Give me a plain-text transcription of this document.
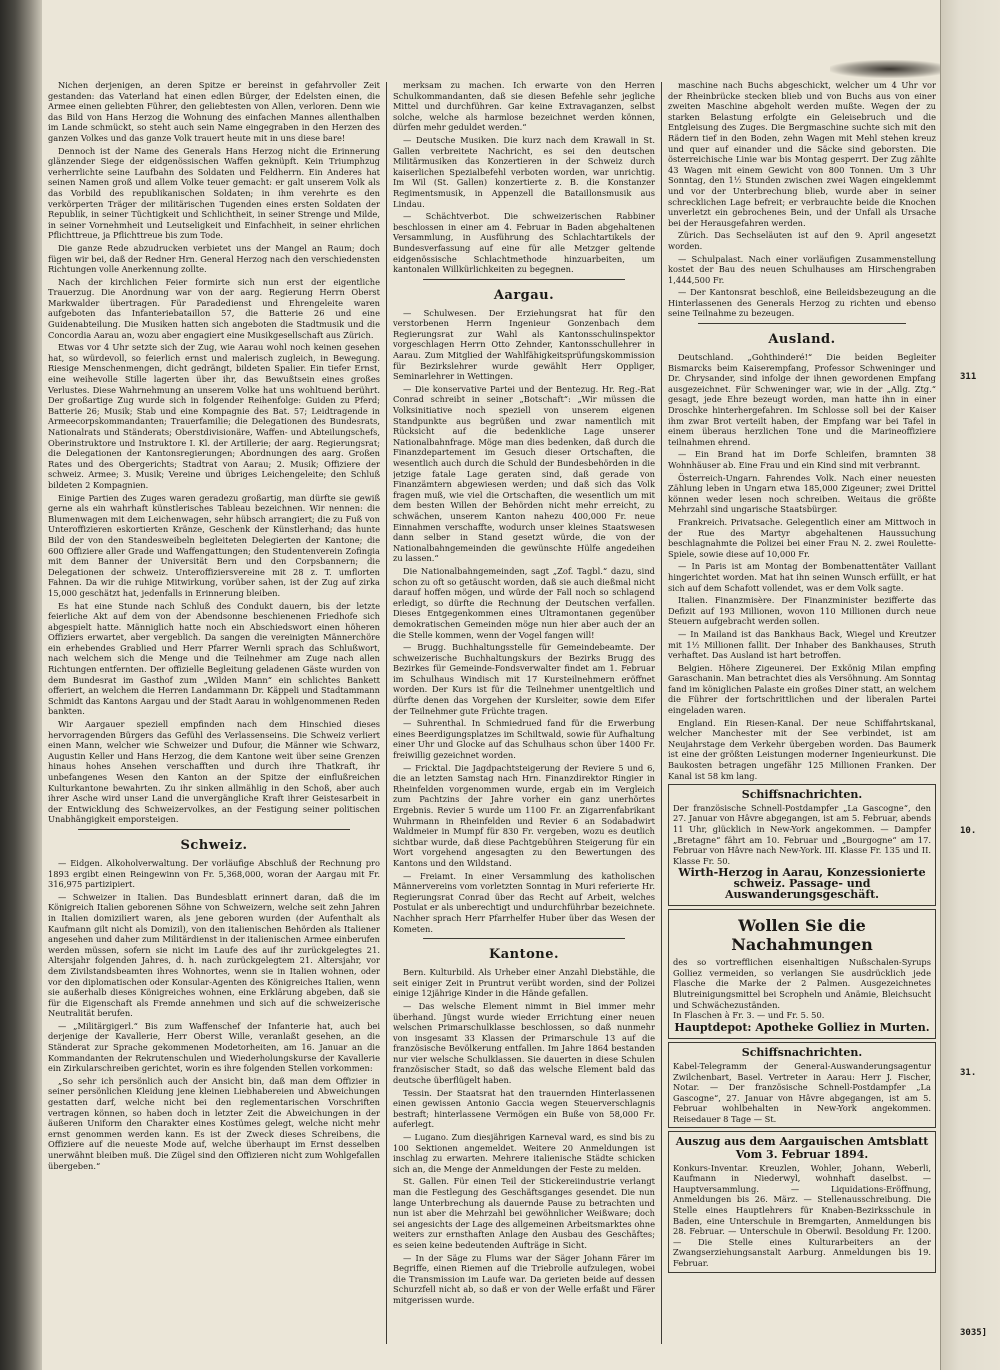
Nichen derjenigen, an deren Spitze er bereinst in gefahrvoller Zeit gestanden: das Vaterland hat einen edlen Bürger, der Edelsten einen, die Armee einen geliebten Führer, den geliebtesten von Allen, verloren. Denn wie das Bild von Hans Herzog die Wohnung des einfachen Mannes allenthalben im Lande schmückt, so steht auch sein Name eingegraben in den Herzen des ganzen Volkes und das ganze Volk trauert heute mit in uns diese bare!

Dennoch ist der Name des Generals Hans Herzog nicht die Erinnerung glänzender Siege der eidgenössischen Waffen geknüpft. Kein Triumphzug verherrlichte seine Laufbahn des Soldaten und Feldherrn. Ein Anderes hat seinen Namen groß und allem Volke teuer gemacht: er galt unserem Volk als das Vorbild des republikanischen Soldaten; in ihm verehrte es den verkörperten Träger der militärischen Tugenden eines ersten Soldaten der Republik, in seiner Tüchtigkeit und Schlichtheit, in seiner Strenge und Milde, in seiner Vornehmheit und Leutseligkeit und Einfachheit, in seiner ehrlichen Pflichttreue, ja Pflichttreue bis zum Tode.

Die ganze Rede abzudrucken verbietet uns der Mangel an Raum; doch fügen wir bei, daß der Redner Hrn. General Herzog nach den verschiedensten Richtungen volle Anerkennung zollte.

Nach der kirchlichen Feier formirte sich nun erst der eigentliche Trauerzug. Die Anordnung war von der aarg. Regierung Herrn Oberst Markwalder übertragen. Für Paradedienst und Ehrengeleite waren aufgeboten das Infanteriebataillon 57, die Batterie 26 und eine Guidenabteilung. Die Musiken hatten sich angeboten die Stadtmusik und die Concordia Aarau an, wozu aber engagiert eine Musikgesellschaft aus Zürich.

Etwas vor 4 Uhr setzte sich der Zug, wie Aarau wohl noch keinen gesehen hat, so würdevoll, so feierlich ernst und malerisch zugleich, in Bewegung. Riesige Menschenmengen, dicht gedrängt, bildeten Spalier. Ein tiefer Ernst, eine weihevolle Stille lagerten über ihr, das Bewußtsein eines großes Verlustes. Diese Wahrnehmung an unserem Volke hat uns wohltuend berührt. Der großartige Zug wurde sich in folgender Reihenfolge: Guiden zu Pferd; Batterie 26; Musik; Stab und eine Kompagnie des Bat. 57; Leidtragende in Armeecorpskommandanten; Trauerfamilie; die Delegationen des Bundesrats, Nationalrats und Ständerats; Oberstdivisionäre, Waffen- und Abteilungschefs, Oberinstruktore und Instruktore I. Kl. der Artillerie; der aarg. Regierungsrat; die Delegationen der Kantonsregierungen; Abordnungen des aarg. Großen Rates und des Obergerichts; Stadtrat von Aarau; 2. Musik; Offiziere der schweiz. Armee; 3. Musik; Vereine und übriges Leichengeleite; den Schluß bildeten 2 Kompagnien.

Einige Partien des Zuges waren geradezu großartig, man dürfte sie gewiß gerne als ein wahrhaft künstlerisches Tableau bezeichnen. Wir nennen: die Blumenwagen mit dem Leichenwagen, sehr hübsch arrangiert; die zu Fuß von Unteroffizieren eskortierten Kränze, Geschenk der Künstlerhand; das hunte Bild der von den Standesweibeln begleiteten Delegierten der Kantone; die 600 Offiziere aller Grade und Waffengattungen; den Studentenverein Zofingia mit dem Banner der Universität Bern und den Corpsbannern; die Delegationen der schweiz. Unteroffiziersvereine mit 28 z. T. umflorten Fahnen. Da wir die ruhige Mitwirkung, vorüber sahen, ist der Zug auf zirka 15,000 geschätzt hat, jedenfalls in Erinnerung bleiben.

Es hat eine Stunde nach Schluß des Condukt dauern, bis der letzte feierliche Akt auf dem von der Abendsonne beschienenen Friedhofe sich abgespielt hatte. Männiglich hatte noch ein Abschiedswort einen höheren Offiziers erwartet, aber vergeblich. Da sangen die vereinigten Männerchöre ein erhebendes Grablied und Herr Pfarrer Wernli sprach das Schlußwort, nach welchem sich die Menge und die Teilnehmer am Zuge nach allen Richtungen entfernten. Der offizielle Begleitung geladenen Gäste wurden von dem Bundesrat im Gasthof zum „Wilden Mann“ ein schlichtes Bankett offeriert, an welchem die Herren Landammann Dr. Käppeli und Stadtammann Schmidt das Kantons Aargau und der Stadt Aarau in wohlgenommenen Reden bankten.

Wir Aargauer speziell empfinden nach dem Hinschied dieses hervorragenden Bürgers das Gefühl des Verlassenseins. Die Schweiz verliert einen Mann, welcher wie Schweizer und Dufour, die Männer wie Schwarz, Augustin Keller und Hans Herzog, die dem Kantone weit über seine Grenzen hinaus hohes Ansehen verschafften und durch ihre Thatkraft, ihr unbefangenes Wesen den Kanton an der Spitze der einflußreichen Kulturkantone bewahrten. Zu ihr sinken allmählig in den Schoß, aber auch ihrer Asche wird unser Land die unvergängliche Kraft ihrer Geistesarbeit in der Entwicklung des Schweizervolkes, an der Festigung seiner politischen Unabhängigkeit emporsteigen.

Schweiz.

— Eidgen. Alkoholverwaltung. Der vorläufige Abschluß der Rechnung pro 1893 ergibt einen Reingewinn von Fr. 5,368,000, woran der Aargau mit Fr. 316,975 partizipiert.

— Schweizer in Italien. Das Bundesblatt erinnert daran, daß die im Königreich Italien geborenen Söhne von Schweizern, welche seit zehn Jahren in Italien domiziliert waren, als jene geboren wurden (der Aufenthalt als Kaufmann gilt nicht als Domizil), von den italienischen Behörden als Italiener angesehen und daher zum Militärdienst in der italienischen Armee einberufen werden müssen, sofern sie nicht im Laufe des auf ihr zurückgelegtes 21. Altersjahr folgenden Jahres, d. h. nach zurückgelegtem 21. Altersjahr, vor dem Zivilstandsbeamten ihres Wohnortes, wenn sie in Italien wohnen, oder vor den diplomatischen oder Konsular-Agenten des Königreiches Italien, wenn sie außerhalb dieses Königreiches wohnen, eine Erklärung abgeben, daß sie für die Eigenschaft als Fremde annehmen und sich auf die schweizerische Neutralität berufen.

— „Militärgigerl.“ Bis zum Waffenschef der Infanterie hat, auch bei derjenige der Kavallerie, Herr Oberst Wille, veranlaßt gesehen, an die Ständerat zur Sprache gekommenen Modetorheiten, am 16. Januar an die Kommandanten der Rekrutenschulen und Wiederholungskurse der Kavallerie ein Zirkularschreiben gerichtet, worin es ihre folgenden Stellen vorkommen:

„So sehr ich persönlich auch der Ansicht bin, daß man dem Offizier in seiner persönlichen Kleidung jene kleinen Liebhabereien und Abweichungen gestatten darf, welche nicht bei den reglementarischen Vorschriften vertragen können, so haben doch in letzter Zeit die Abweichungen in der äußeren Uniform den Charakter eines Kostümes gelegt, welche nicht mehr ernst genommen werden kann. Es ist der Zweck dieses Schreibens, die Offiziere auf die neueste Mode auf, welche überhaupt im Ernst desselben unerwähnt bleiben muß. Die Zügel sind den Offizieren nicht zum Wohlgefallen übergeben.“

merksam zu machen. Ich erwarte von den Herren Schulkommandanten, daß sie diesen Befehle sehr jegliche Mittel und durchführen. Gar keine Extravaganzen, selbst solche, welche als harmlose bezeichnet werden können, dürfen mehr geduldet werden.“

— Deutsche Musiken. Die kurz nach dem Krawall in St. Gallen verbreitete Nachricht, es sei den deutschen Militärmusiken das Konzertieren in der Schweiz durch kaiserlichen Spezialbefehl verboten worden, war unrichtig. Im Wil (St. Gallen) konzertierte z. B. die Konstanzer Regimentsmusik, in Appenzell die Bataillonsmusik aus Lindau.

— Schächtverbot. Die schweizerischen Rabbiner beschlossen in einer am 4. Februar in Baden abgehaltenen Versammlung, in Ausführung des Schlachtartikels der Bundesverfassung auf eine für alle Metzger geltende eidgenössische Schlachtmethode hinzuarbeiten, um kantonalen Willkürlichkeiten zu begegnen.

Aargau.

— Schulwesen. Der Erziehungsrat hat für den verstorbenen Herrn Ingenieur Gonzenbach dem Regierungsrat zur Wahl als Kantonsschulinspektor vorgeschlagen Herrn Otto Zehnder, Kantonsschullehrer in Aarau. Zum Mitglied der Wahlfähigkeitsprüfungskommission für Bezirkslehrer wurde gewählt Herr Oppliger, Seminarlehrer in Wettingen.

— Die konservative Partei und der Bentezug. Hr. Reg.-Rat Conrad schreibt in seiner „Botschaft“: „Wir müssen die Volksinitiative noch speziell von unserem eigenen Standpunkte aus begrüßen und zwar namentlich mit Rücksicht auf die bedenkliche Lage unserer Nationalbahnfrage. Möge man dies bedenken, daß durch die Finanzdepartement im Gesuch dieser Ortschaften, die wesentlich auch durch die Schuld der Bundesbehörden in die jetzige fatale Lage geraten sind, daß gerade von Finanzämtern abgewiesen werden; und daß sich das Volk fragen muß, wie viel die Ortschaften, die wesentlich um mit dem besten Willen der Behörden nicht mehr erreicht, zu schwächen, unserem Kanton nahezu 400,000 Fr. neue Einnahmen verschaffte, wodurch unser kleines Staatswesen dann selber in Stand gesetzt würde, die von der Nationalbahngemeinden die gewünschte Hülfe angedeihen zu lassen.“

Die Nationalbahngemeinden, sagt „Zof. Tagbl.“ dazu, sind schon zu oft so getäuscht worden, daß sie auch dießmal nicht darauf hoffen mögen, und würde der Fall noch so schlagend erledigt, so dürfte die Rechnung der Deutschen verfallen. Dieses Entgegenkommen eines Ultramontanen gegenüber demokratischen Gemeinden möge nun hier aber auch der an die Stelle kommen, wenn der Vogel fangen will!

— Brugg. Buchhaltungsstelle für Gemeindebeamte. Der schweizerische Buchhaltungskurs der Bezirks Brugg des Bezirkes für Gemeinde-Fondsverwalter findet am 1. Februar im Schulhaus Windisch mit 17 Kursteilnehmern eröffnet worden. Der Kurs ist für die Teilnehmer unentgeltlich und dürfte denen das Vorgehen der Kursleiter, sowie dem Eifer der Teilnehmer gute Früchte tragen.

— Suhrenthal. In Schmiedrued fand für die Erwerbung eines Beerdigungsplatzes im Schiltwald, sowie für Aufhaltung einer Uhr und Glocke auf das Schulhaus schon über 1400 Fr. freiwillig gezeichnet worden.

— Fricktal. Die Jagdpachtsteigerung der Reviere 5 und 6, die an letzten Samstag nach Hrn. Finanzdirektor Ringier in Rheinfelden vorgenommen wurde, ergab ein im Vergleich zum Pachtzins der Jahre vorher ein ganz unerhörtes Ergebnis. Revier 5 wurde um 1100 Fr. an Zigarrenfabrikant Wuhrmann in Rheinfelden und Revier 6 an Sodabadwirt Waldmeier in Mumpf für 830 Fr. vergeben, wozu es deutlich sichtbar wurde, daß diese Pachtgebühren Steigerung für ein Wort vorgehend angesagten zu den Bewertungen des Kantons und den Wildstand.

— Freiamt. In einer Versammlung des katholischen Männervereins vom vorletzten Sonntag in Muri referierte Hr. Regierungsrat Conrad über das Recht auf Arbeit, welches Postulat er als unberechtigt und undurchführbar bezeichnete. Nachher sprach Herr Pfarrhelfer Huber über das Wesen der Kometen.

Kantone.

Bern. Kulturbild. Als Urheber einer Anzahl Diebstähle, die seit einiger Zeit in Pruntrut verübt worden, sind der Polizei einige 12jährige Kinder in die Hände gefallen.

— Das welsche Element nimmt in Biel immer mehr überhand. Jüngst wurde wieder Errichtung einer neuen welschen Primarschulklasse beschlossen, so daß nunmehr von insgesamt 33 Klassen der Primarschule 13 auf die französische Bevölkerung entfallen. Im Jahre 1864 bestanden nur vier welsche Schulklassen. Sie dauerten in diese Schulen französischer Stadt, so daß das welsche Element bald das deutsche überflügelt haben.

Tessin. Der Staatsrat hat den trauernden Hinterlassenen einen gewissen Antonio Gaccia wegen Steuerverschlagnis bestraft; hinterlassene Vermögen ein Buße von 58,000 Fr. auferlegt.

— Lugano. Zum diesjährigen Karneval ward, es sind bis zu 100 Sektionen angemeldet. Weitere 20 Anmeldungen ist inschlag zu erwarten. Mehrere italienische Städte schicken sich an, die Menge der Anmeldungen der Feste zu melden.

St. Gallen. Für einen Teil der Stickereiindustrie verlangt man die Festlegung des Geschäftsganges gesendet. Die nun lange Unterbrechung als dauernde Pause zu betrachten und nun ist aber die Mehrzahl bei gewöhnlicher Weißware; doch sei angesichts der Lage des allgemeinen Arbeitsmarktes ohne weiters zur ernsthaften Anlage den Ausbau des Geschäftes; es seien keine bedeutenden Aufträge in Sicht.

— In der Säge zu Flums war der Säger Johann Färer im Begriffe, einen Riemen auf die Triebrolle aufzulegen, wobei die Transmission im Laufe war. Da gerieten beide auf dessen Schurzfell nicht ab, so daß er von der Welle erfaßt und Färer mitgerissen wurde.

maschine nach Buchs abgeschickt, welcher um 4 Uhr vor der Rheinbrücke stecken blieb und von Buchs aus von einer zweiten Maschine abgeholt werden mußte. Wegen der zu starken Belastung erfolgte ein Geleisebruch und die Entgleisung des Zuges. Die Bergmaschine suchte sich mit den Rädern tief in den Boden, zehn Wagen mit Mehl stehen kreuz und quer auf einander und die Säcke sind geborsten. Die österreichische Linie war bis Montag gesperrt. Der Zug zählte 43 Wagen mit einem Gewicht von 800 Tonnen. Um 3 Uhr Sonntag, den 1½ Stunden zwischen zwei Wagen eingeklemmt und vor der Unterbrechung blieb, wurde aber in seiner schrecklichen Lage befreit; er verbrauchte beide die Knochen unverletzt ein gebrochenes Bein, und der Unfall als Ursache bei der Herausgefahren werden.

Zürich. Das Sechseläuten ist auf den 9. April angesetzt worden.

— Schulpalast. Nach einer vorläufigen Zusammenstellung kostet der Bau des neuen Schulhauses am Hirschengraben 1,444,500 Fr.

— Der Kantonsrat beschloß, eine Beileidsbezeugung an die Hinterlassenen des Generals Herzog zu richten und ebenso seine Teilnahme zu bezeugen.

Ausland.

Deutschland. „Gohthinderé!“ Die beiden Begleiter Bismarcks beim Kaiserempfang, Professor Schweninger und Dr. Chrysander, sind infolge der ihnen gewordenen Empfang ausgezeichnet. Für Schweninger war, wie in der „Allg. Ztg.“ gesagt, jede Ehre bezeugt worden, man hatte ihn in einer Droschke hinterhergefahren. Im Schlosse soll bei der Kaiser ihm zwar Brot verteilt haben, der Empfang war bei Tafel in einem überaus herzlichen Tone und die Marineoffiziere teilnahmen ehrend.

— Ein Brand hat im Dorfe Schleifen, bramnten 38 Wohnhäuser ab. Eine Frau und ein Kind sind mit verbrannt.

Österreich-Ungarn. Fahrendes Volk. Nach einer neuesten Zählung leben in Ungarn etwa 185,000 Zigeuner; zwei Drittel können weder lesen noch schreiben. Weitaus die größte Mehrzahl sind ungarische Staatsbürger.

Frankreich. Privatsache. Gelegentlich einer am Mittwoch in der Rue des Martyr abgehaltenen Haussuchung beschlagnahmte die Polizei bei einer Frau N. 2. zwei Roulette-Spiele, sowie diese auf 10,000 Fr.

— In Paris ist am Montag der Bombenattentäter Vaillant hingerichtet worden. Mat hat ihn seinen Wunsch erfüllt, er hat sich auf dem Schafott vollendet, was er dem Volk sagte.

Italien. Finanzmisère. Der Finanzminister bezifferte das Defizit auf 193 Millionen, wovon 110 Millionen durch neue Steuern aufgebracht werden sollen.

— In Mailand ist das Bankhaus Back, Wiegel und Kreutzer mit 1½ Millionen fallit. Der Inhaber des Bankhauses, Struth verhaftet. Das Ausland ist hart betroffen.

Belgien. Höhere Zigeunerei. Der Exkönig Milan empfing Garaschanin. Man betrachtet dies als Versöhnung. Am Sonntag fand im königlichen Palaste ein großes Diner statt, an welchem die Führer der fortschrittlichen und der liberalen Partei eingeladen waren.

England. Ein Riesen-Kanal. Der neue Schiffahrtskanal, welcher Manchester mit der See verbindet, ist am Neujahrstage dem Verkehr übergeben worden. Das Baumerk ist eine der größten Leistungen moderner Ingenieurkunst. Die Baukosten betragen ungefähr 125 Millionen Franken. Der Kanal ist 58 km lang.

Schiffsnachrichten.
Der französische Schnell-Postdampfer „La Gascogne“, den 27. Januar von Hâvre abgegangen, ist am 5. Februar, abends 11 Uhr, glücklich in New-York angekommen. — Dampfer „Bretagne“ fährt am 10. Februar und „Bourgogne“ am 17. Februar von Hâvre nach New-York. III. Klasse Fr. 135 und II. Klasse Fr. 50.
Wirth-Herzog in Aarau, Konzessionierte schweiz. Passage- und Auswanderungsgeschäft.
Wollen Sie die Nachahmungen
des so vortrefflichen eisenhaltigen Nußschalen-Syrups Golliez vermeiden, so verlangen Sie ausdrücklich jede Flasche die Marke der 2 Palmen. Ausgezeichnetes Blutreinigungsmittel bei Scropheln und Anämie, Bleichsucht und Schwächezuständen.
In Flaschen à Fr. 3. — und Fr. 5. 50.
Hauptdepot: Apotheke Golliez in Murten.
Schiffsnachrichten.
Kabel-Telegramm der General-Auswanderungsagentur Zwilchenbart, Basel. Vertreter in Aarau: Herr J. Fischer, Notar. — Der französische Schnell-Postdampfer „La Gascogne“, 27. Januar von Hâvre abgegangen, ist am 5. Februar wohlbehalten in New-York angekommen. Reisedauer 8 Tage — St.
Auszug aus dem Aargauischen Amtsblatt
Vom 3. Februar 1894.
Konkurs-Inventar. Kreuzlen, Wohler, Johann, Weberli, Kaufmann in Niederwyl, wohnhaft daselbst. — Hauptversammlung. — Liquidations-Eröffnung, Anmeldungen bis 26. März. — Stellenausschreibung. Die Stelle eines Hauptlehrers für Knaben-Bezirksschule in Baden, eine Unterschule in Bremgarten, Anmeldungen bis 28. Februar. — Unterschule in Oberwil. Besoldung Fr. 1200. — Die Stelle eines Kulturarbeiters an der Zwangserziehungsanstalt Aarburg. Anmeldungen bis 19. Februar.
311
10.
31.
3035]
